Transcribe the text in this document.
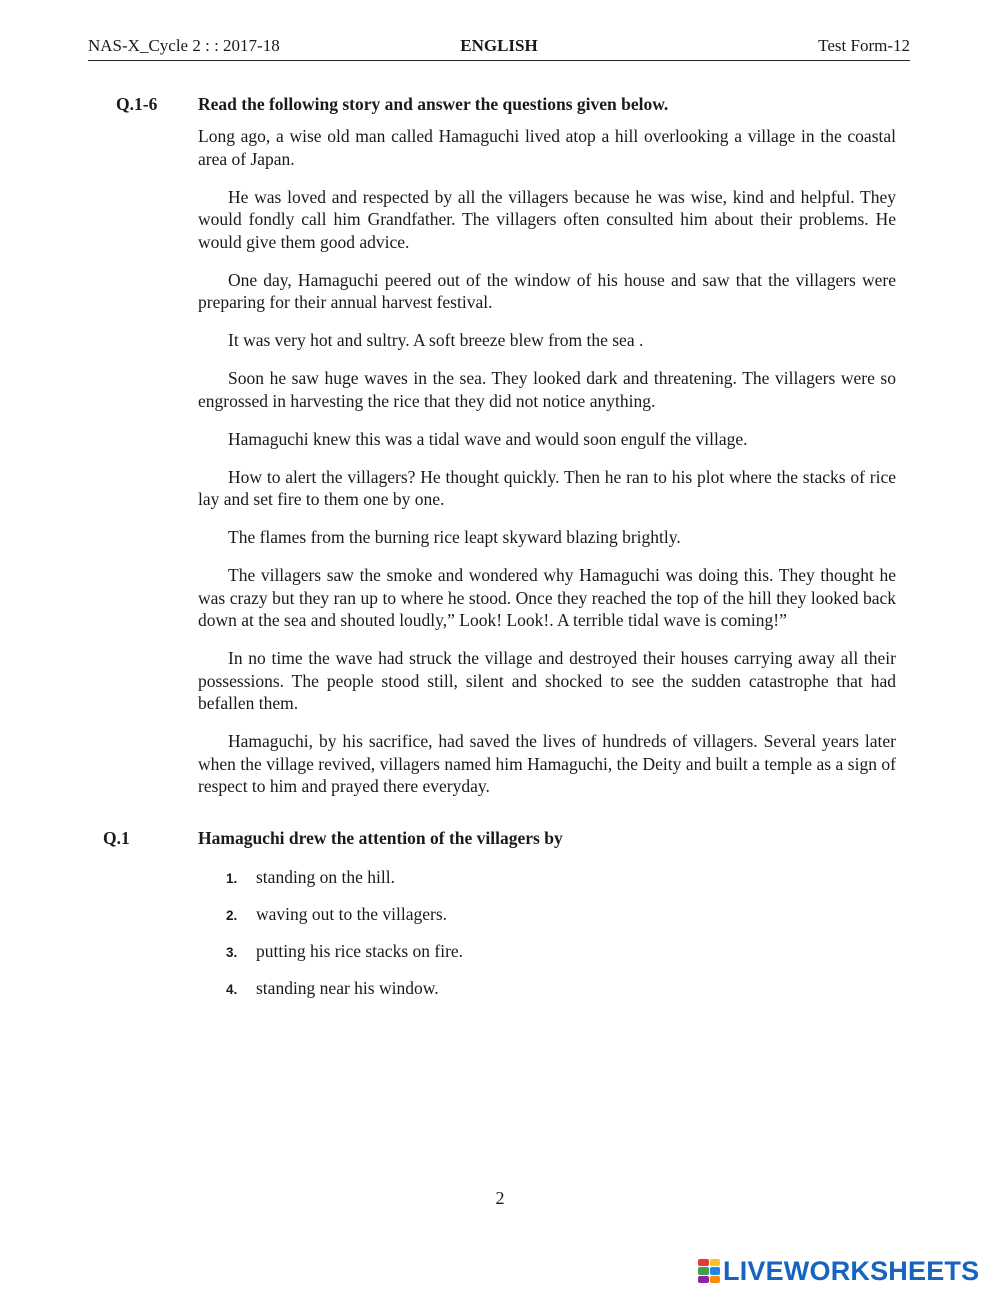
NAS-X_Cycle 2 : : 2017-18	ENGLISH	Test Form-12
Q.1-6 Read the following story and answer the questions given below.

Long ago, a wise old man called Hamaguchi lived atop a hill overlooking a village in the coastal area of Japan.

He was loved and respected by all the villagers because he was wise, kind and helpful. They would fondly call him Grandfather. The villagers often consulted him about their problems. He would give them good advice.

One day, Hamaguchi peered out of the window of his house and saw that the villagers were preparing for their annual harvest festival.

It was very hot and sultry. A soft breeze blew from the sea .

Soon he saw huge waves in the sea. They looked dark and threatening. The villagers were so engrossed in harvesting the rice that they did not notice anything.

Hamaguchi knew this was a tidal wave and would soon engulf the village.

How to alert the villagers? He thought quickly. Then he ran to his plot where the stacks of rice lay and set fire to them one by one.

The flames from the burning rice leapt skyward blazing brightly.

The villagers saw the smoke and wondered why Hamaguchi was doing this. They thought he was crazy but they ran up to where he stood. Once they reached the top of the hill they looked back down at the sea and shouted loudly,” Look! Look!. A terrible tidal wave is coming!”

In no time the wave had struck the village and destroyed their houses carrying away all their possessions. The people stood still, silent and shocked to see the sudden catastrophe that had befallen them.

Hamaguchi, by his sacrifice, had saved the lives of hundreds of villagers. Several years later when the village revived, villagers named him Hamaguchi, the Deity and built a temple as a sign of respect to him and prayed there everyday.

Q.1	Hamaguchi drew the attention of the villagers by
1.	standing on the hill.
2.	waving out to the villagers.
3.	putting his rice stacks on fire.
4.	standing near his window.
2
LIVEWORKSHEETS
